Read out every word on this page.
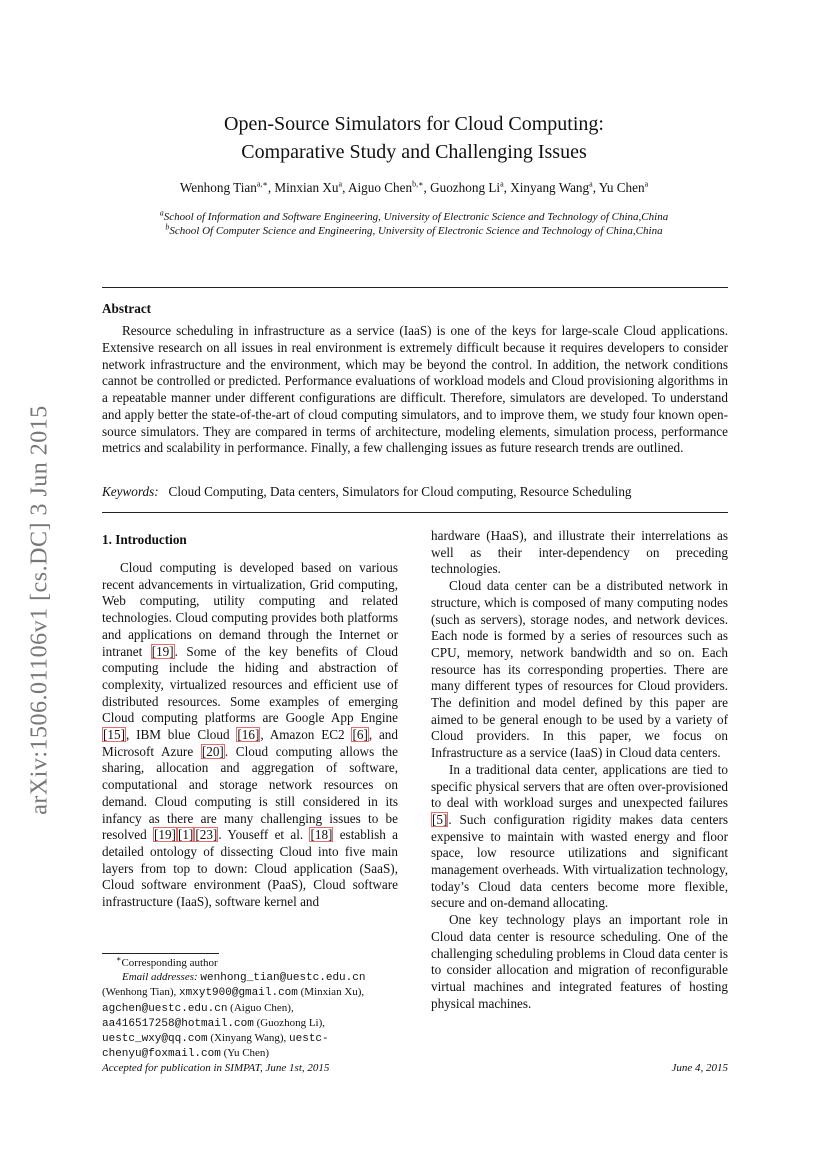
arXiv:1506.01106v1 [cs.DC] 3 Jun 2015
Open-Source Simulators for Cloud Computing:
Comparative Study and Challenging Issues
Wenhong Tian$^{a,∗}$, Minxian Xu$^a$, Aiguo Chen$^{b,∗}$, Guozhong Li$^a$, Xinyang Wang$^a$, Yu Chen$^a$
$^a$School of Information and Software Engineering, University of Electronic Science and Technology of China,China
$^b$School Of Computer Science and Engineering, University of Electronic Science and Technology of China,China
Abstract
Resource scheduling in infrastructure as a service (IaaS) is one of the keys for large-scale Cloud applications. Extensive research on all issues in real environment is extremely difficult because it requires developers to consider network infrastructure and the environment, which may be beyond the control. In addition, the network conditions cannot be controlled or predicted. Performance evaluations of workload models and Cloud provisioning algorithms in a repeatable manner under different configurations are difficult. Therefore, simulators are developed. To understand and apply better the state-of-the-art of cloud computing simulators, and to improve them, we study four known open-source simulators. They are compared in terms of architecture, modeling elements, simulation process, performance metrics and scalability in performance. Finally, a few challenging issues as future research trends are outlined.
Keywords: Cloud Computing, Data centers, Simulators for Cloud computing, Resource Scheduling
1. Introduction

Cloud computing is developed based on various recent advancements in virtualization, Grid computing, Web computing, utility computing and related technologies. Cloud computing provides both platforms and applications on demand through the Internet or intranet [19]. Some of the key benefits of Cloud computing include the hiding and abstraction of complexity, virtualized resources and efficient use of distributed resources. Some examples of emerging Cloud computing platforms are Google App Engine [15], IBM blue Cloud [16], Amazon EC2 [6], and Microsoft Azure [20]. Cloud computing allows the sharing, allocation and aggregation of software, computational and storage network resources on demand. Cloud computing is still considered in its infancy as there are many challenging issues to be resolved [19] [1] [23]. Youseff et al. [18] establish a detailed ontology of dissecting Cloud into five main layers from top to down: Cloud application (SaaS), Cloud software environment (PaaS), Cloud software infrastructure (IaaS), software kernel and

hardware (HaaS), and illustrate their interrelations as well as their inter-dependency on preceding technologies.

Cloud data center can be a distributed network in structure, which is composed of many computing nodes (such as servers), storage nodes, and network devices. Each node is formed by a series of resources such as CPU, memory, network bandwidth and so on. Each resource has its corresponding properties. There are many different types of resources for Cloud providers. The definition and model defined by this paper are aimed to be general enough to be used by a variety of Cloud providers. In this paper, we focus on Infrastructure as a service (IaaS) in Cloud data centers.

In a traditional data center, applications are tied to specific physical servers that are often over-provisioned to deal with workload surges and unexpected failures [5]. Such configuration rigidity makes data centers expensive to maintain with wasted energy and floor space, low resource utilizations and significant management overheads. With virtualization technology, today’s Cloud data centers become more flexible, secure and on-demand allocating.

One key technology plays an important role in Cloud data center is resource scheduling. One of the challenging scheduling problems in Cloud data center is to consider allocation and migration of reconfigurable virtual machines and integrated features of hosting physical machines.

∗Corresponding author
Email addresses: wenhong_tian@uestc.edu.cn
(Wenhong Tian), xmxyt900@gmail.com (Minxian Xu), agchen@uestc.edu.cn (Aiguo Chen), aa416517258@hotmail.com (Guozhong Li), uestc_wxy@qq.com (Xinyang Wang), uestc-chenyu@foxmail.com (Yu Chen)
Accepted for publication in SIMPAT, June 1st, 2015	June 4, 2015
